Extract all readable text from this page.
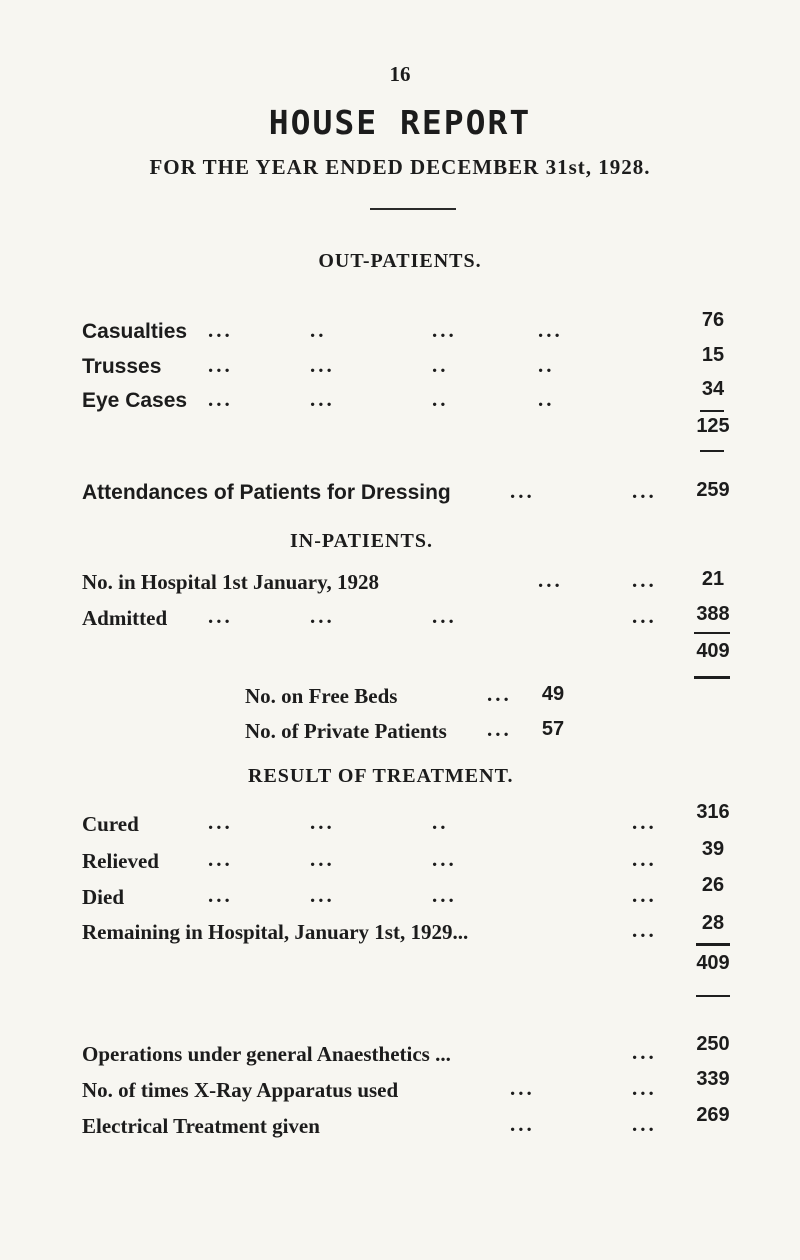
16
HOUSE REPORT
FOR THE YEAR ENDED DECEMBER 31st, 1928.
OUT-PATIENTS.
Casualties ...	..	...	...	76
Trusses ...	...	..	..	15
Eye Cases ...	...	..	..	34
125
Attendances of Patients for Dressing	...	...	259
IN-PATIENTS.
No. in Hospital 1st January, 1928	...	...	21
Admitted ...	...	...	...	388
409
No. on Free Beds	...	49
No. of Private Patients ...	57
RESULT OF TREATMENT.
Cured	...	...	..	...	316
Relieved ...	...	...	...	39
Died	...	...	...	...	26
Remaining in Hospital, January 1st, 1929...	...	28
409
Operations under general Anaesthetics ...	...	250
No. of times X-Ray Apparatus used	...	...	339
Electrical Treatment given	...	...	269
